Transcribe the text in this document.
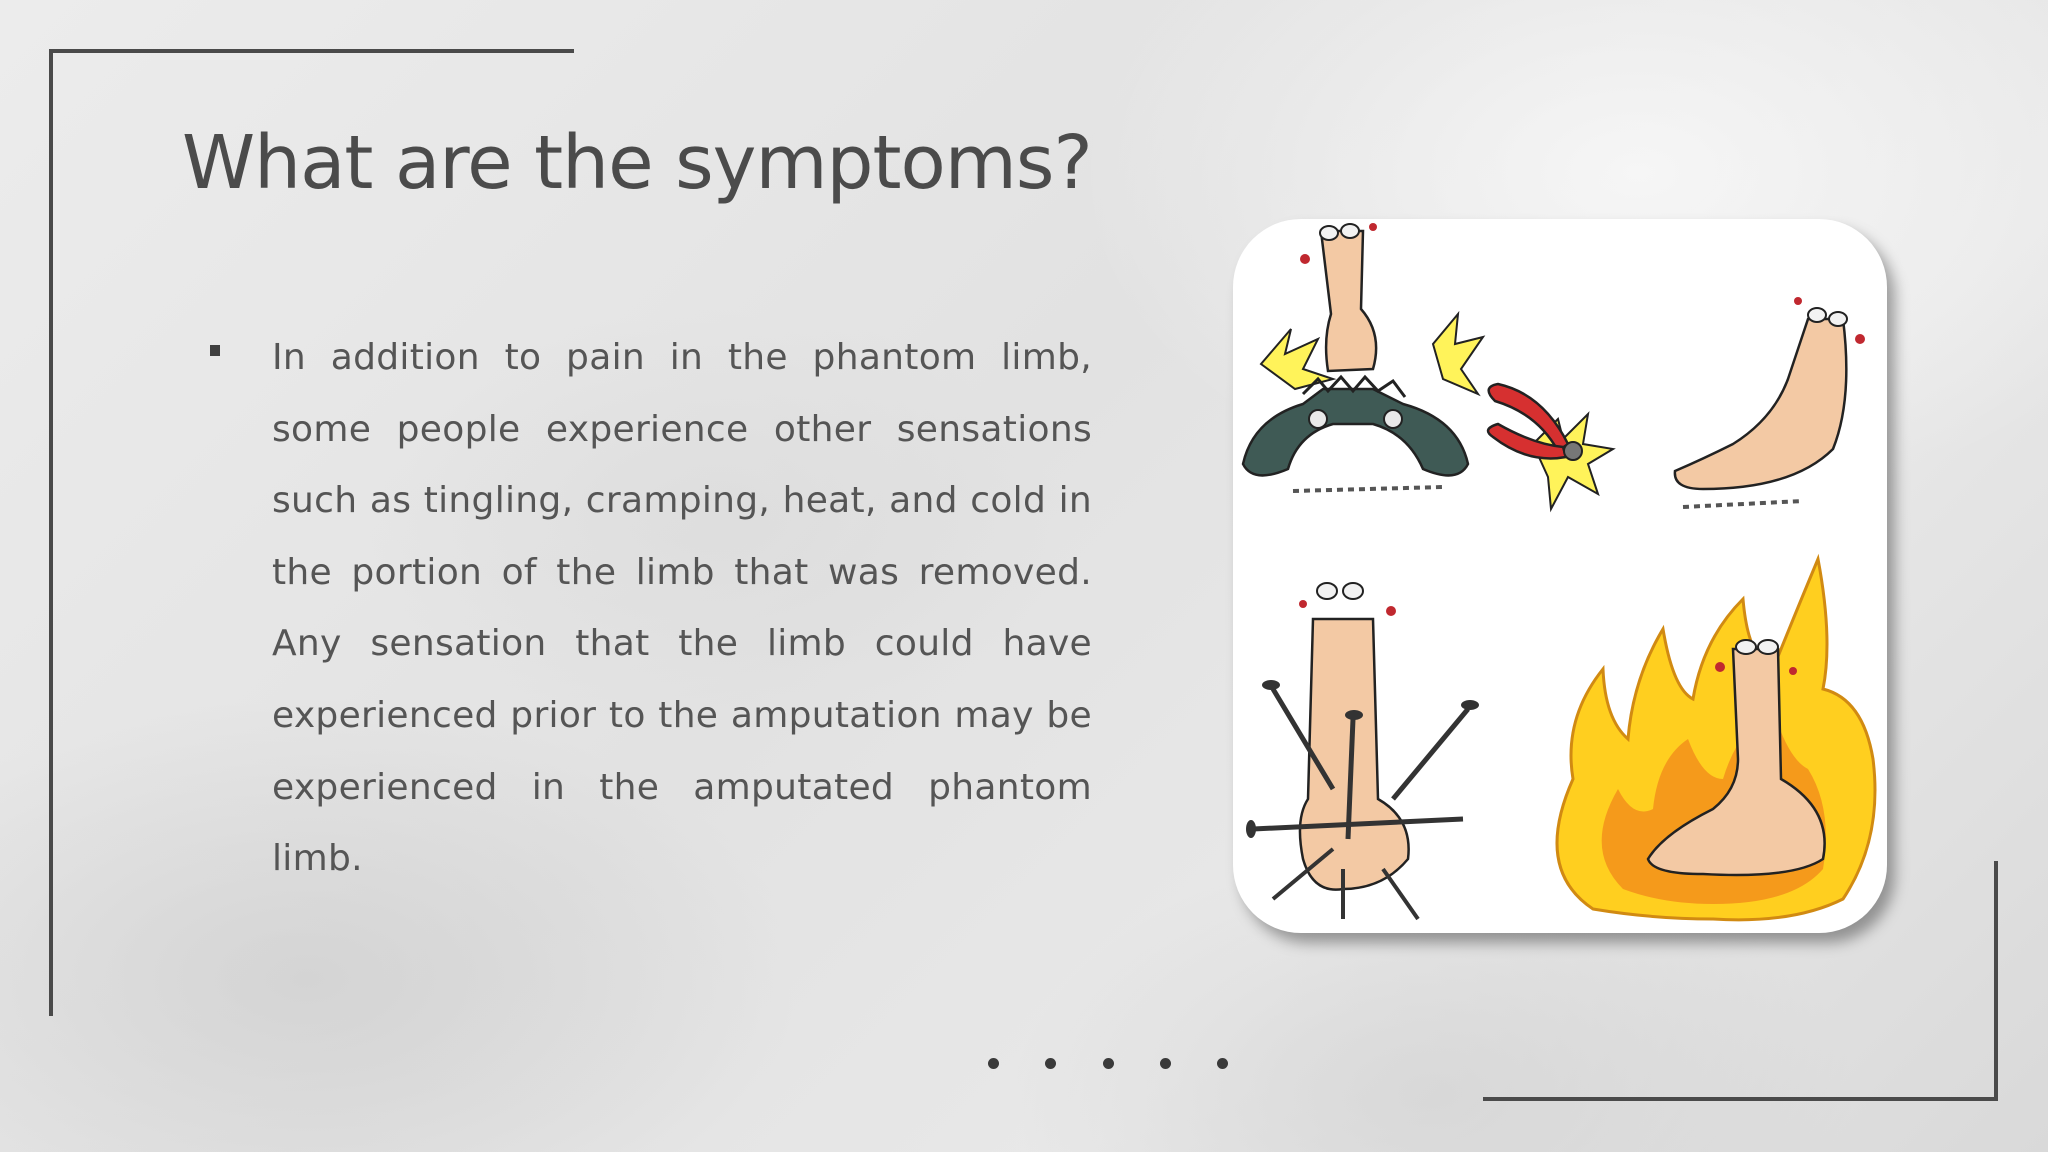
What are the symptoms?

In addition to pain in the phantom limb, some people experience other sensations such as tingling, cramping, heat, and cold in the portion of the limb that was removed. Any sensation that the limb could have experienced prior to the amputation may be experienced in the amputated phantom limb.
